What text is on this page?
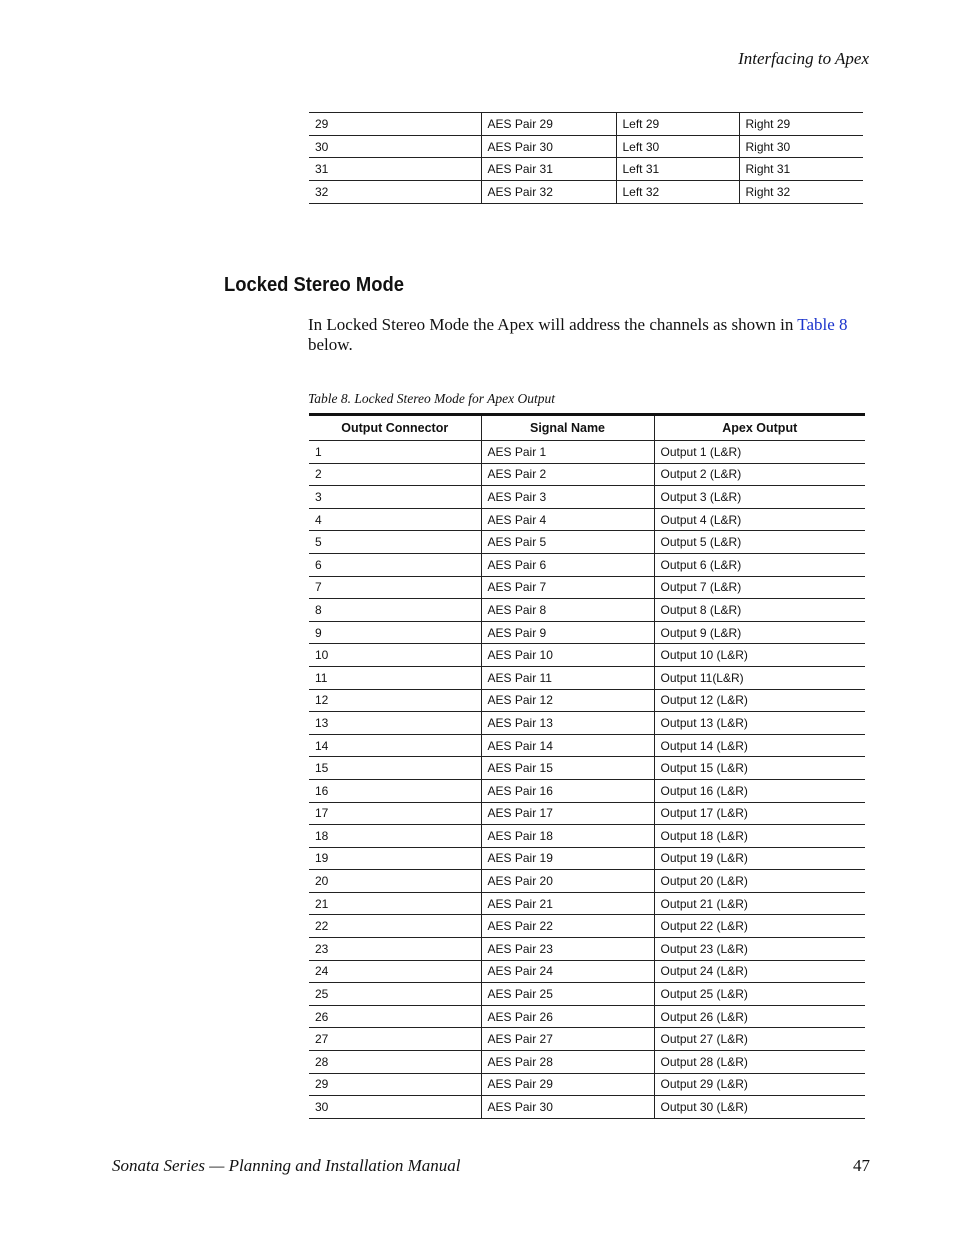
Interfacing to Apex
29	AES Pair 29	Left 29	Right 29
30	AES Pair 30	Left 30	Right 30
31	AES Pair 31	Left 31	Right 31
32	AES Pair 32	Left 32	Right 32
Locked Stereo Mode

In Locked Stereo Mode the Apex will address the channels as shown in Table 8 below.

Table 8. Locked Stereo Mode for Apex Output
Output Connector	Signal Name	Apex Output
1	AES Pair 1	Output 1 (L&R)
2	AES Pair 2	Output 2 (L&R)
3	AES Pair 3	Output 3 (L&R)
4	AES Pair 4	Output 4 (L&R)
5	AES Pair 5	Output 5 (L&R)
6	AES Pair 6	Output 6 (L&R)
7	AES Pair 7	Output 7 (L&R)
8	AES Pair 8	Output 8 (L&R)
9	AES Pair 9	Output 9 (L&R)
10	AES Pair 10	Output 10 (L&R)
11	AES Pair 11	Output 11(L&R)
12	AES Pair 12	Output 12 (L&R)
13	AES Pair 13	Output 13 (L&R)
14	AES Pair 14	Output 14 (L&R)
15	AES Pair 15	Output 15 (L&R)
16	AES Pair 16	Output 16 (L&R)
17	AES Pair 17	Output 17 (L&R)
18	AES Pair 18	Output 18 (L&R)
19	AES Pair 19	Output 19 (L&R)
20	AES Pair 20	Output 20 (L&R)
21	AES Pair 21	Output 21 (L&R)
22	AES Pair 22	Output 22 (L&R)
23	AES Pair 23	Output 23 (L&R)
24	AES Pair 24	Output 24 (L&R)
25	AES Pair 25	Output 25 (L&R)
26	AES Pair 26	Output 26 (L&R)
27	AES Pair 27	Output 27 (L&R)
28	AES Pair 28	Output 28 (L&R)
29	AES Pair 29	Output 29 (L&R)
30	AES Pair 30	Output 30 (L&R)
Sonata Series — Planning and Installation Manual	47
